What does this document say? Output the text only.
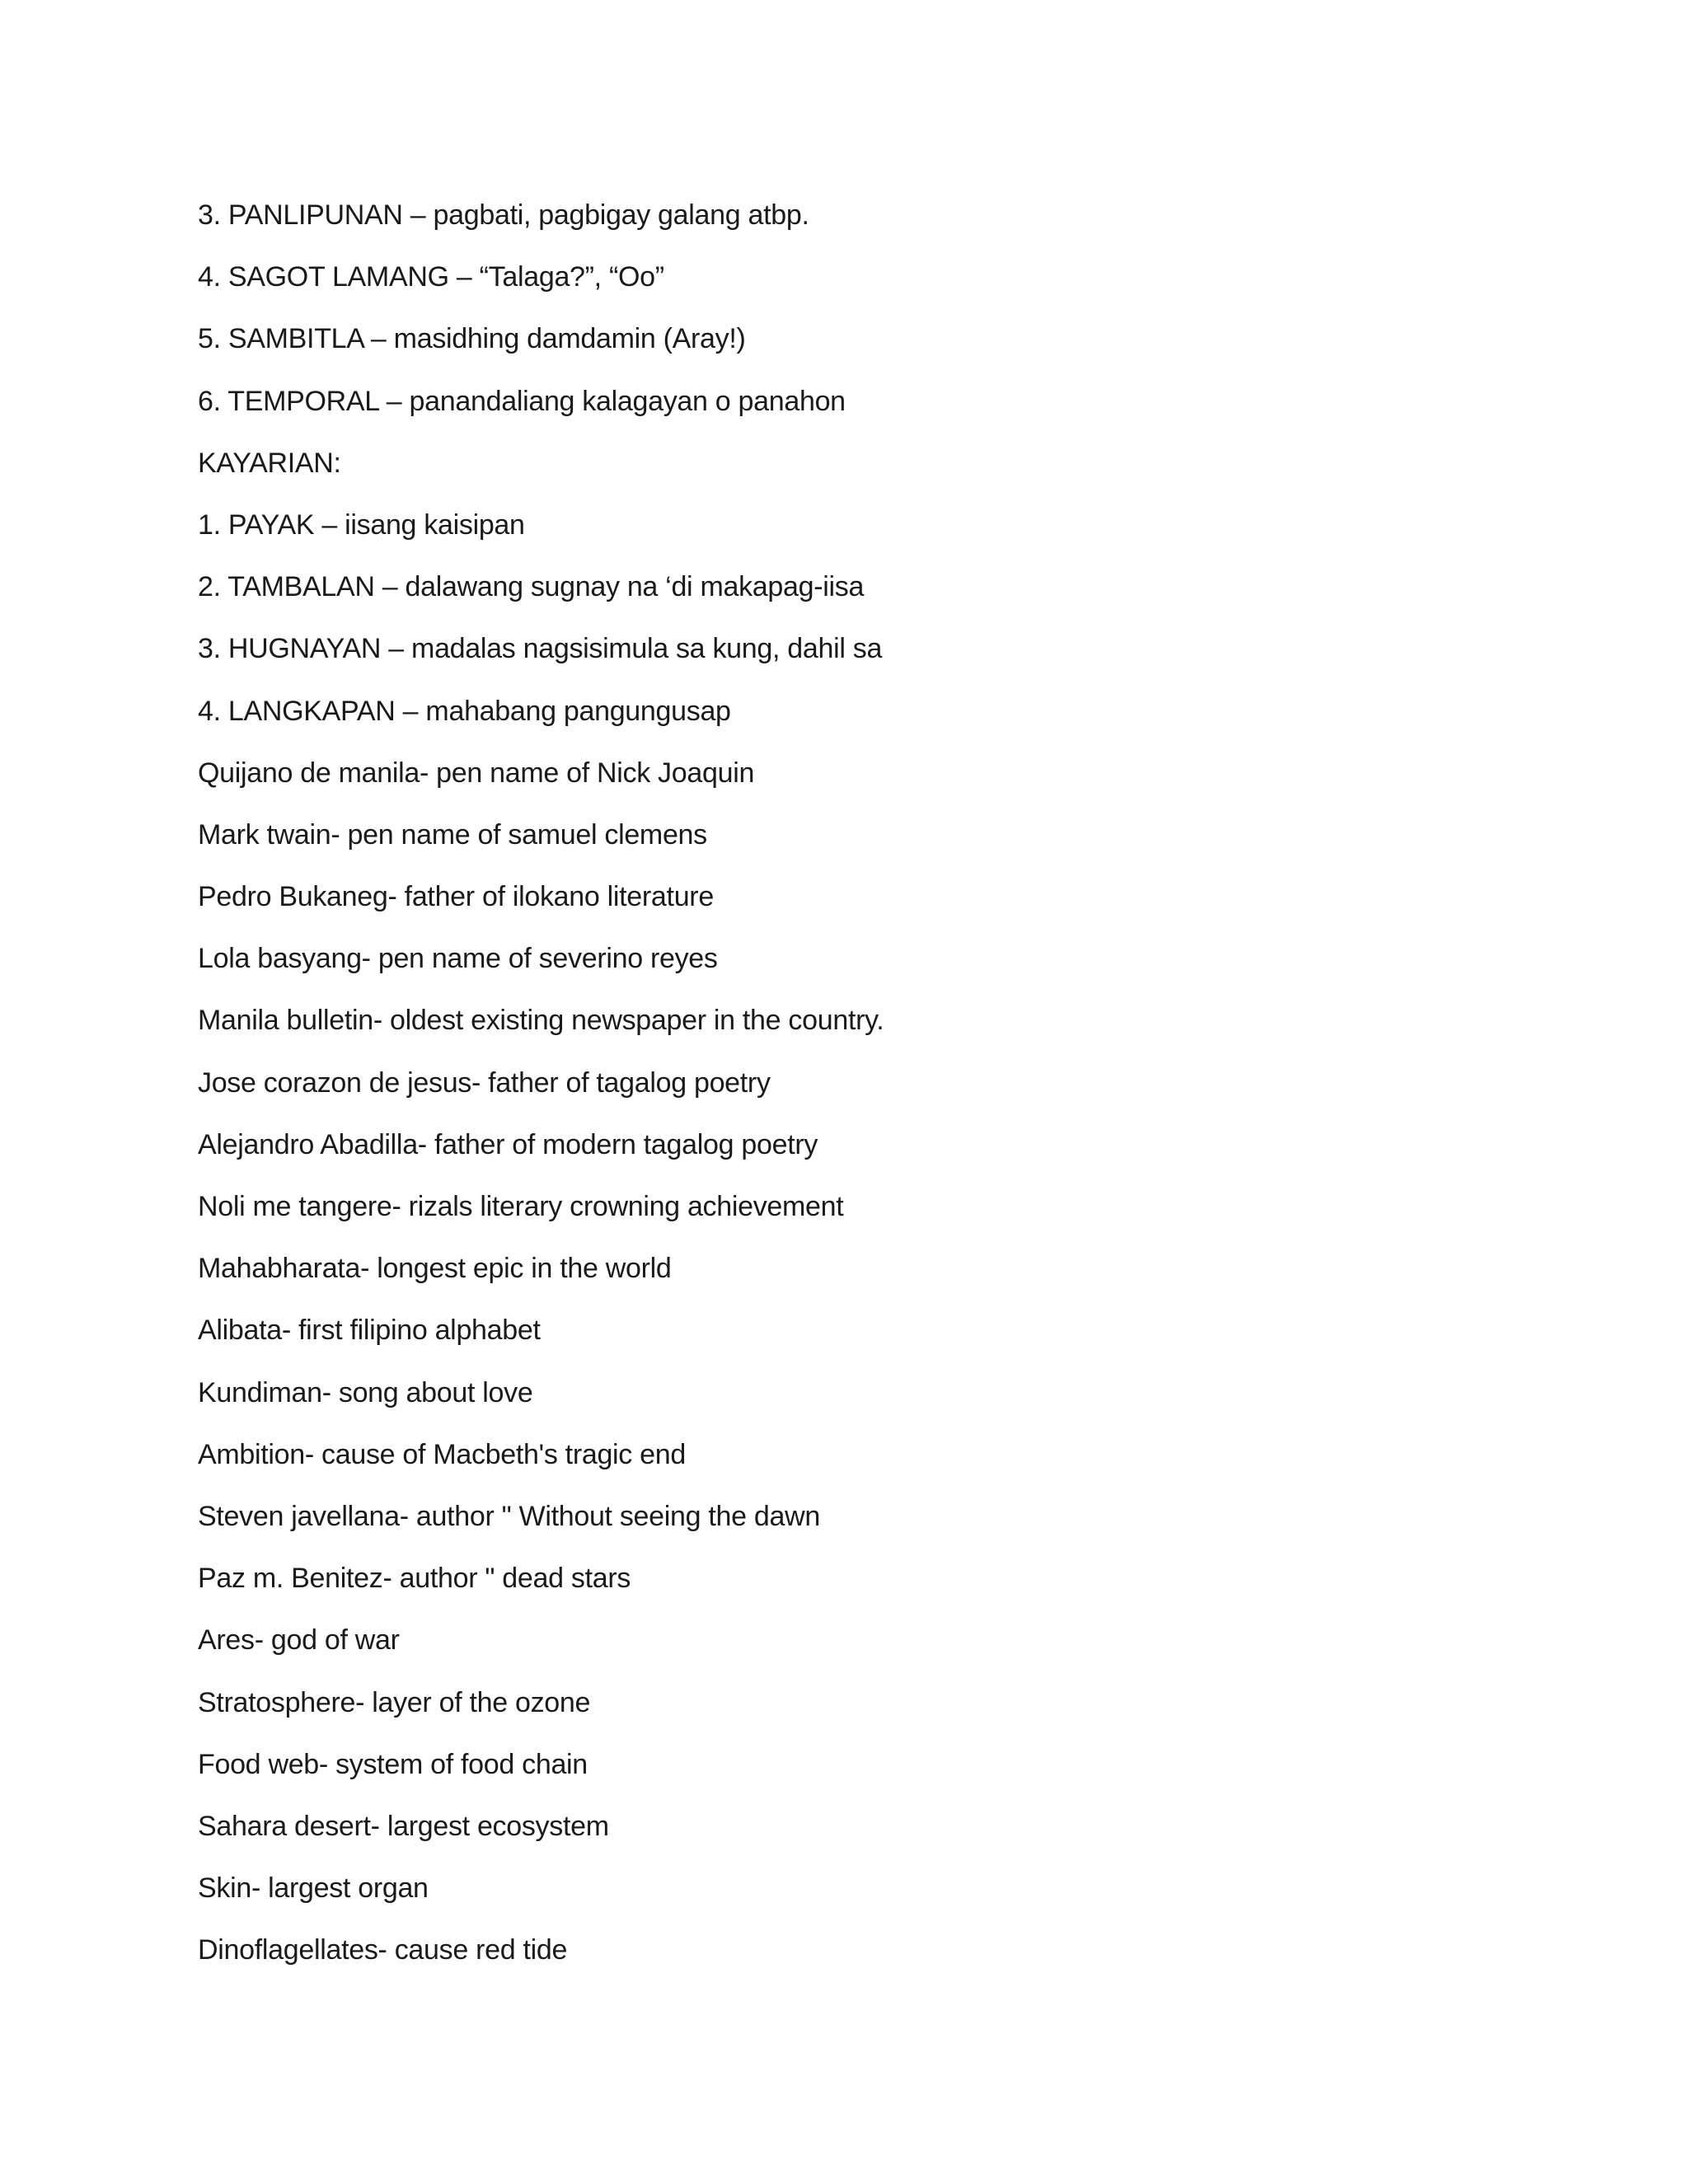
3. PANLIPUNAN – pagbati, pagbigay galang atbp.
4. SAGOT LAMANG – “Talaga?”, “Oo”
5. SAMBITLA – masidhing damdamin (Aray!)
6. TEMPORAL – panandaliang kalagayan o panahon
KAYARIAN:
1. PAYAK – iisang kaisipan
2. TAMBALAN – dalawang sugnay na ‘di makapag-iisa
3. HUGNAYAN – madalas nagsisimula sa kung, dahil sa
4. LANGKAPAN – mahabang pangungusap
Quijano de manila- pen name of Nick Joaquin
Mark twain- pen name of samuel clemens
Pedro Bukaneg- father of ilokano literature
Lola basyang- pen name of severino reyes
Manila bulletin- oldest existing newspaper in the country.
Jose corazon de jesus- father of tagalog poetry
Alejandro Abadilla- father of modern tagalog poetry
Noli me tangere- rizals literary crowning achievement
Mahabharata- longest epic in the world
Alibata- first filipino alphabet
Kundiman- song about love
Ambition- cause of Macbeth's tragic end
Steven javellana- author " Without seeing the dawn
Paz m. Benitez- author " dead stars
Ares- god of war
Stratosphere- layer of the ozone
Food web- system of food chain
Sahara desert- largest ecosystem
Skin- largest organ
Dinoflagellates- cause red tide
